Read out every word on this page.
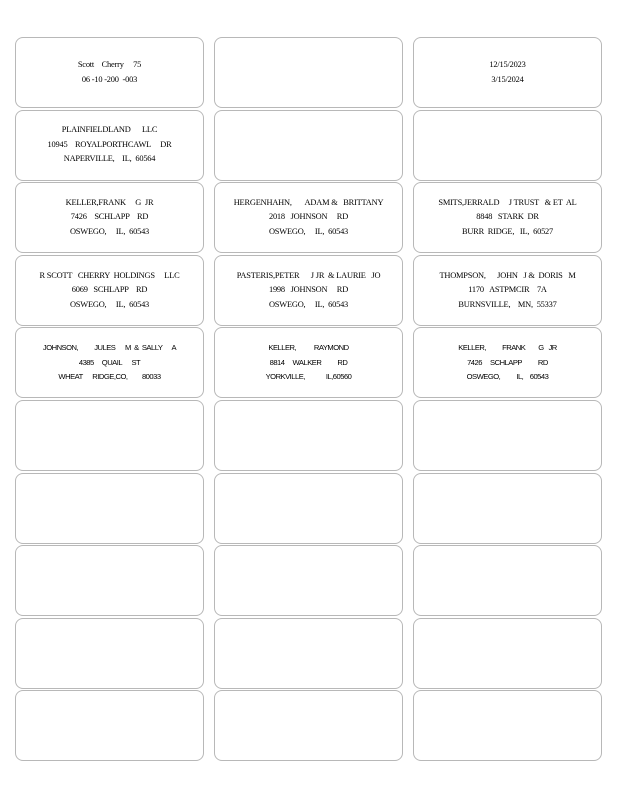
Scott    Cherry     75
06 -10 -200  -003
12/15/2023
3/15/2024
PLAINFIELDLAND      LLC
10945    ROYALPORTHCAWL     DR
NAPERVILLE,    IL,  60564
KELLER,FRANK     G  JR
7426    SCHLAPP    RD
OSWEGO,     IL,  60543
HERGENHAHN,       ADAM &   BRITTANY
2018   JOHNSON     RD
OSWEGO,     IL,  60543
SMITS,JERRALD     J TRUST   & ET  AL
8848   STARK  DR
BURR  RIDGE,   IL,  60527
R SCOTT   CHERRY  HOLDINGS     LLC
6069   SCHLAPP    RD
OSWEGO,     IL,  60543
PASTERIS,PETER      J JR  & LAURIE   JO
1998   JOHNSON     RD
OSWEGO,     IL,  60543
THOMPSON,      JOHN   J &  DORIS   M
1170   ASTPMCIR    7A
BURNSVILLE,    MN,  55337
JOHNSON,          JULES      M  &  SALLY      A
4385     QUAIL      ST
WHEAT      RIDGE,CO,         80033
KELLER,           RAYMOND
8814     WALKER          RD
YORKVILLE,             IL,60560
KELLER,          FRANK        G   JR
7426     SCHLAPP          RD
OSWEGO,          IL,    60543
